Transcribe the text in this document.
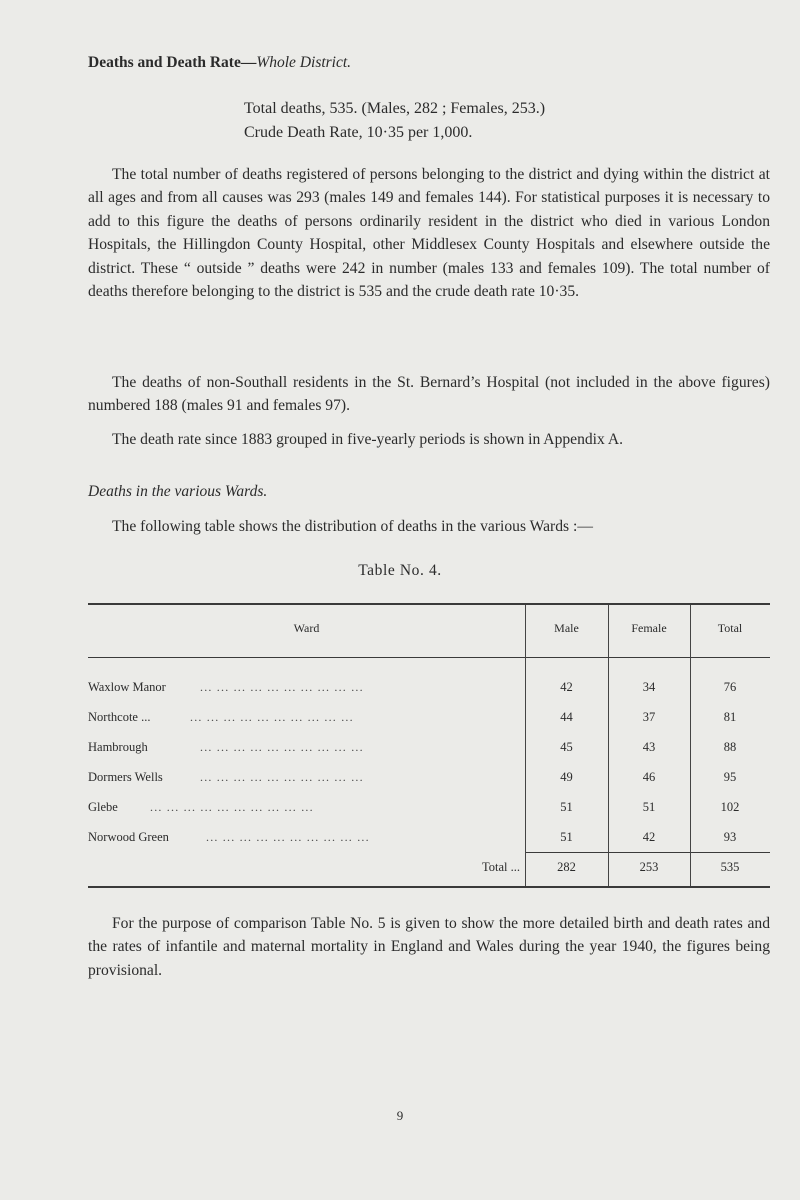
Deaths and Death Rate—Whole District.
Total deaths, 535. (Males, 282 ; Females, 253.)
Crude Death Rate, 10·35 per 1,000.
The total number of deaths registered of persons belonging to the district and dying within the district at all ages and from all causes was 293 (males 149 and females 144). For statistical purposes it is necessary to add to this figure the deaths of persons ordinarily resident in the district who died in various London Hospitals, the Hillingdon County Hospital, other Middlesex County Hospitals and elsewhere outside the district. These “ outside ” deaths were 242 in number (males 133 and females 109). The total number of deaths therefore belonging to the district is 535 and the crude death rate 10·35.
The deaths of non-Southall residents in the St. Bernard’s Hospital (not included in the above figures) numbered 188 (males 91 and females 97).
The death rate since 1883 grouped in five-yearly periods is shown in Appendix A.
Deaths in the various Wards.
The following table shows the distribution of deaths in the various Wards :—
Table No. 4.
Ward	Male	Female	Total
Waxlow Manor	... ... ... ... ... ... ... ... ... ...	42	34	76
Northcote ...	... ... ... ... ... ... ... ... ... ...	44	37	81
Hambrough	... ... ... ... ... ... ... ... ... ...	45	43	88
Dormers Wells	... ... ... ... ... ... ... ... ... ...	49	46	95
Glebe	... ... ... ... ... ... ... ... ... ...	51	51	102
Norwood Green	... ... ... ... ... ... ... ... ... ...	51	42	93
Total ...	282	253	535
For the purpose of comparison Table No. 5 is given to show the more detailed birth and death rates and the rates of infantile and maternal mortality in England and Wales during the year 1940, the figures being provisional.
9
